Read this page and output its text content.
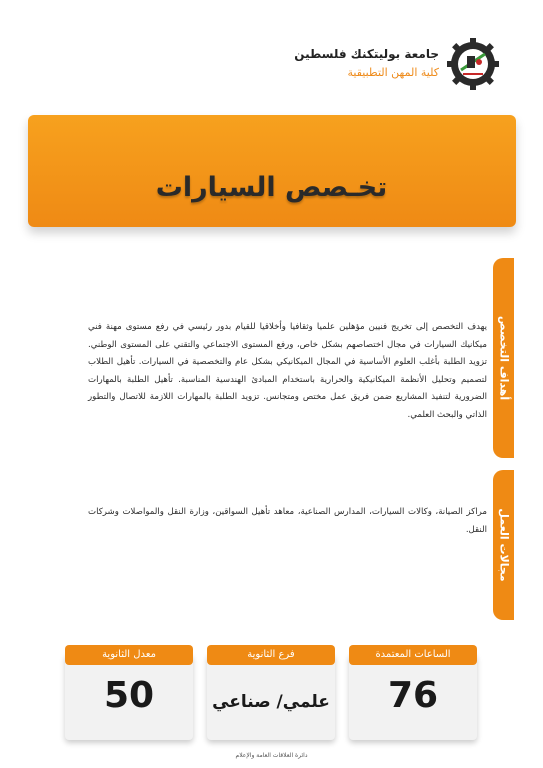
جامعة بوليتكنك فلسطين
كلية المهن التطبيقية
تخـصص السيارات
أهداف التخصص

يهدف التخصص إلى تخريج فنيين مؤهلين علميا وثقافيا وأخلاقيا للقيام بدور رئيسي في رفع مستوى مهنة فني ميكانيك السيارات في مجال اختصاصهم بشكل خاص، ورفع المستوى الاجتماعي والتقني على المستوى الوطني. تزويد الطلبة بأغلب العلوم الأساسية في المجال الميكانيكي بشكل عام والتخصصية في السيارات. تأهيل الطلاب لتصميم وتحليل الأنظمة الميكانيكية والحرارية باستخدام المبادئ الهندسية المناسبة. تأهيل الطلبة بالمهارات الضرورية لتنفيذ المشاريع ضمن فريق عمل مختص ومتجانس. تزويد الطلبة بالمهارات اللازمة للاتصال والتطور الذاتي والبحث العلمي.

مجالات العمل

مراكز الصيانة، وكالات السيارات، المدارس الصناعية، معاهد تأهيل السواقين، وزارة النقل والمواصلات وشركات النقل.

الساعات المعتمدة
76
فرع الثانوية
علمي/ صناعي
معدل الثانوية
50
دائرة العلاقات العامة والإعلام
